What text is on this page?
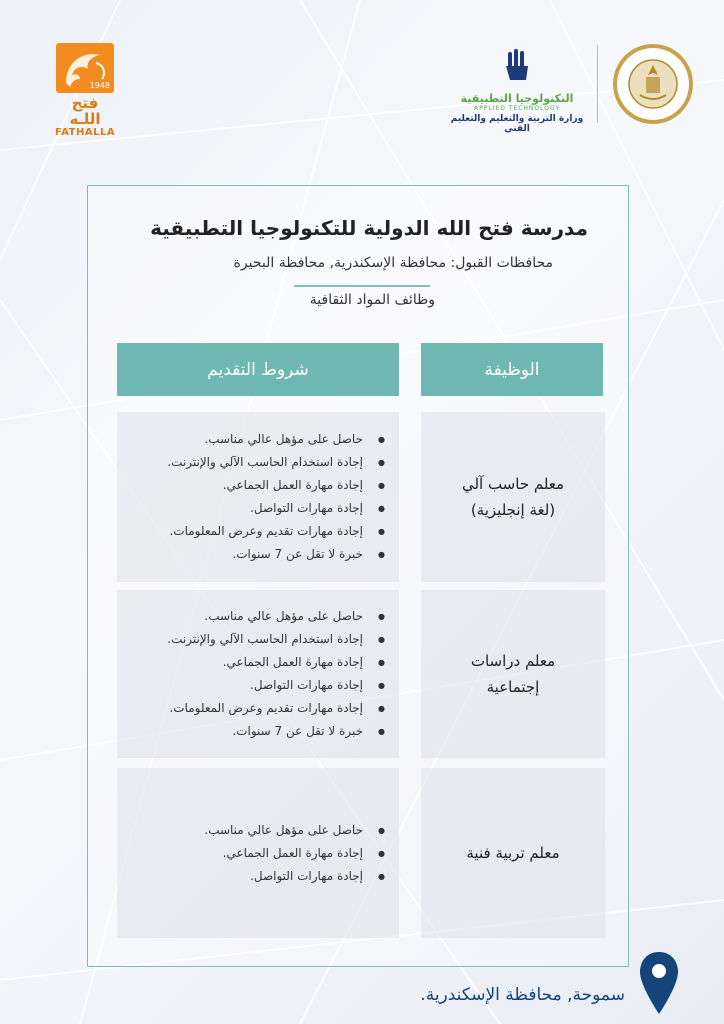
1948
فتح اللـه
FATHALLA
التكنولوجيا التطبيقية
APPLIED TECHNOLOGY
وزارة التربية والتعليم والتعليم الفني
مدرسة فتح الله الدولية للتكنولوجيا التطبيقية
محافظات القبول: محافظة الإسكندرية, محافظة البحيرة
وظائف المواد الثقافية
الوظيفة
شروط التقديم
معلم حاسب آلي
(لغة إنجليزية)
● حاصل على مؤهل عالي مناسب.
● إجادة استخدام الحاسب الآلي والإنترنت.
● إجادة مهارة العمل الجماعي.
● إجادة مهارات التواصل.
● إجادة مهارات تقديم وعرض المعلومات.
● خبرة لا تقل عن 7 سنوات.
معلم دراسات
إجتماعية
● حاصل على مؤهل عالي مناسب.
● إجادة استخدام الحاسب الآلي والإنترنت.
● إجادة مهارة العمل الجماعي.
● إجادة مهارات التواصل.
● إجادة مهارات تقديم وعرض المعلومات.
● خبرة لا تقل عن 7 سنوات.
معلم تربية فنية
● حاصل على مؤهل عالي مناسب.
● إجادة مهارة العمل الجماعي.
● إجادة مهارات التواصل.
سموحة, محافظة الإسكندرية.
